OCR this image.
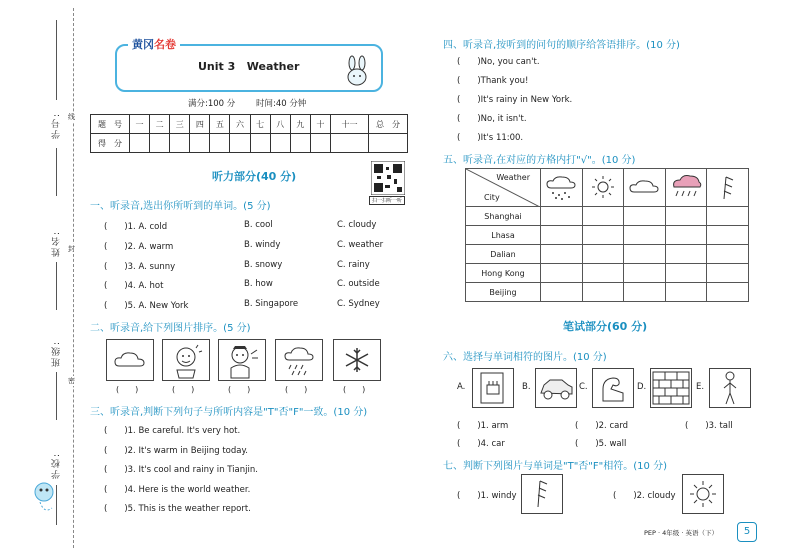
学号:
姓名:
班级:
学校:
线
封
密
黄冈名卷
Unit 3   Weather
满分:100 分 时间:40 分钟
题　号	一	二	三	四	五	六	七	八	九	十	十一	总　分
得　分												
扫一扫听一听
听力部分(40 分)
一、听录音,选出你所听到的单词。(5 分)
(　　)1. A. cold	B. cool	C. cloudy
(　　)2. A. warm	B. windy	C. weather
(　　)3. A. sunny	B. snowy	C. rainy
(　　)4. A. hot	B. how	C. outside
(　　)5. A. New York	B. Singapore	C. Sydney
二、听录音,给下列图片排序。(5 分)
(　　)	(　　)	(　　)	(　　)	(　　)
三、听录音,判断下列句子与所听内容是"T"否"F"一致。(10 分)
(　　)1. Be careful. It's very hot.
(　　)2. It's warm in Beijing today.
(　　)3. It's cool and rainy in Tianjin.
(　　)4. Here is the world weather.
(　　)5. This is the weather report.
四、听录音,按听到的问句的顺序给答语排序。(10 分)
(　　)No, you can't.
(　　)Thank you!
(　　)It's rainy in New York.
(　　)No, it isn't.
(　　)It's 11:00.
五、听录音,在对应的方格内打"√"。(10 分)
Weather
City

Shanghai					
Lhasa					
Dalian					
Hong Kong					
Beijing					
笔试部分(60 分)
六、选择与单词相符的图片。(10 分)
A.	B.	C.	D.	E.
(　　)1. arm	(　　)2. card	(　　)3. tall
(　　)4. car	(　　)5. wall
七、判断下列图片与单词是"T"否"F"相符。(10 分)
(　　)1. windy	(　　)2. cloudy
PEP · 4年级 · 英语（下）	5
